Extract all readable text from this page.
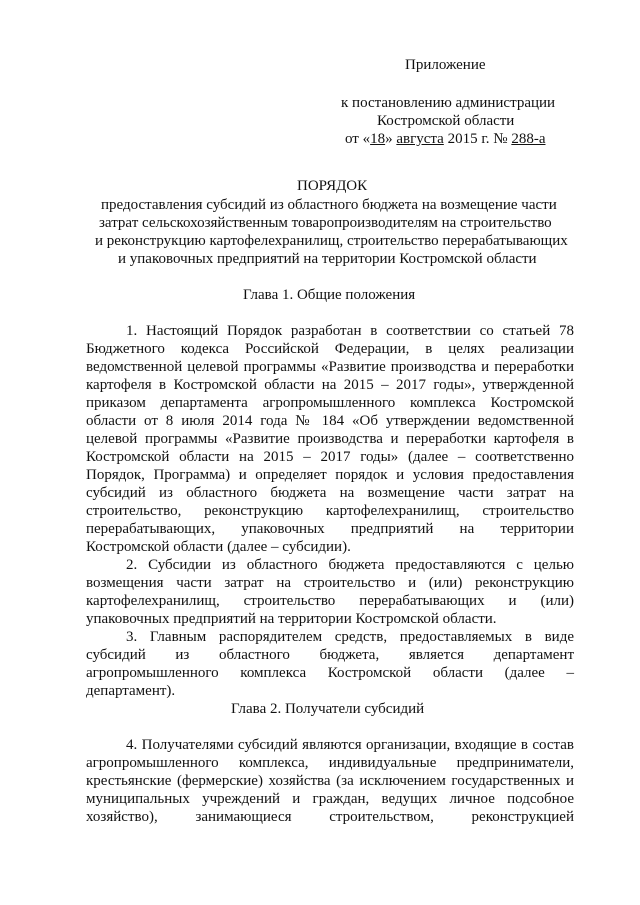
Приложение
к постановлению администрации
Костромской области
от «18» августа 2015 г. № 288-а
ПОРЯДОК
предоставления субсидий из областного бюджета на возмещение части
затрат сельскохозяйственным товаропроизводителям на строительство
и реконструкцию картофелехранилищ, строительство перерабатывающих
и упаковочных предприятий на территории Костромской области
Глава 1. Общие положения
1. Настоящий Порядок разработан в соответствии со статьей 78
Бюджетного кодекса Российской Федерации, в целях реализации
ведомственной целевой программы «Развитие производства и переработки
картофеля в Костромской области на 2015 – 2017 годы», утвержденной
приказом департамента агропромышленного комплекса Костромской
области от 8 июля 2014 года № 184 «Об утверждении ведомственной
целевой программы «Развитие производства и переработки картофеля в
Костромской области на 2015 – 2017 годы» (далее – соответственно
Порядок, Программа) и определяет порядок и условия предоставления
субсидий из областного бюджета на возмещение части затрат на
строительство, реконструкцию картофелехранилищ, строительство
перерабатывающих, упаковочных предприятий на территории
Костромской области (далее – субсидии).
2. Субсидии из областного бюджета предоставляются с целью
возмещения части затрат на строительство и (или) реконструкцию
картофелехранилищ, строительство перерабатывающих и (или)
упаковочных предприятий на территории Костромской области.
3. Главным распорядителем средств, предоставляемых в виде
субсидий из областного бюджета, является департамент
агропромышленного комплекса Костромской области (далее –
департамент).
Глава 2. Получатели субсидий
4. Получателями субсидий являются организации, входящие в состав
агропромышленного комплекса, индивидуальные предприниматели,
крестьянские (фермерские) хозяйства (за исключением государственных и
муниципальных учреждений и граждан, ведущих личное подсобное
хозяйство), занимающиеся строительством, реконструкцией
